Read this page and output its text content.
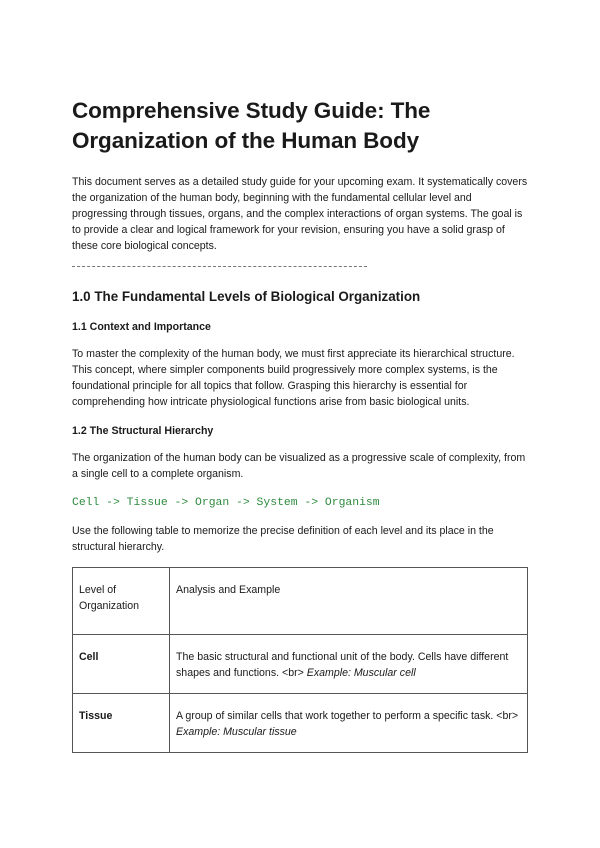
Comprehensive Study Guide: The Organization of the Human Body

This document serves as a detailed study guide for your upcoming exam. It systematically covers the organization of the human body, beginning with the fundamental cellular level and progressing through tissues, organs, and the complex interactions of organ systems. The goal is to provide a clear and logical framework for your revision, ensuring you have a solid grasp of these core biological concepts.

1.0 The Fundamental Levels of Biological Organization
1.1 Context and Importance

To master the complexity of the human body, we must first appreciate its hierarchical structure. This concept, where simpler components build progressively more complex systems, is the foundational principle for all topics that follow. Grasping this hierarchy is essential for comprehending how intricate physiological functions arise from basic biological units.

1.2 The Structural Hierarchy

The organization of the human body can be visualized as a progressive scale of complexity, from a single cell to a complete organism.

Cell -> Tissue -> Organ -> System -> Organism

Use the following table to memorize the precise definition of each level and its place in the structural hierarchy.

Level of Organization	Analysis and Example
Cell	The basic structural and functional unit of the body. Cells have different shapes and functions. <br> Example: Muscular cell
Tissue	A group of similar cells that work together to perform a specific task. <br> Example: Muscular tissue
